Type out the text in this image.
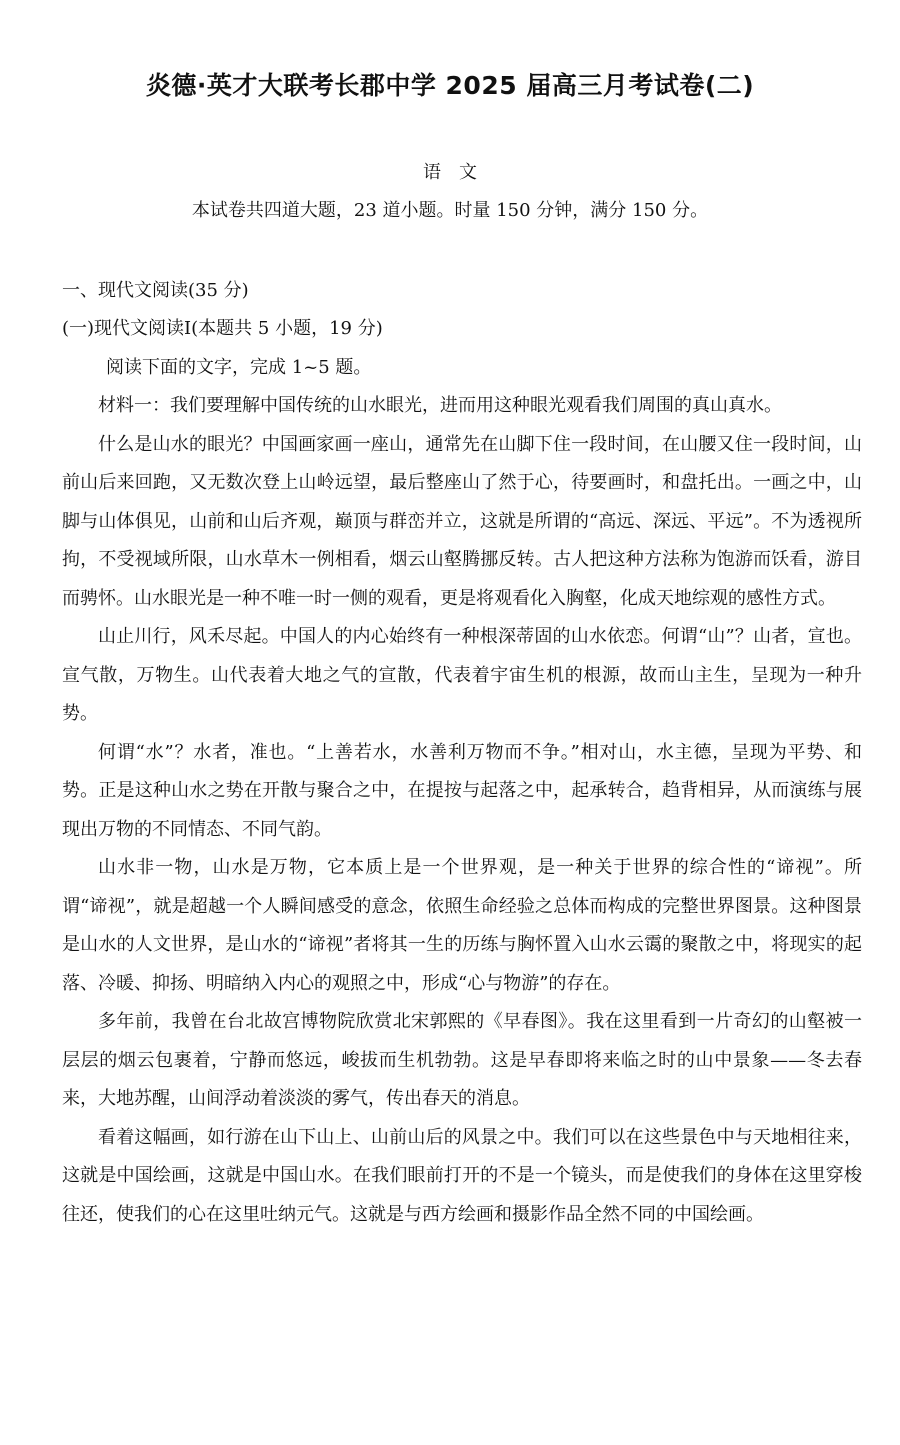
炎德·英才大联考长郡中学 2025 届高三月考试卷(二)
语文
本试卷共四道大题，23 道小题。时量 150 分钟，满分 150 分。
一、现代文阅读(35 分)
(一)现代文阅读Ⅰ(本题共 5 小题，19 分)
阅读下面的文字，完成 1~5 题。

材料一：我们要理解中国传统的山水眼光，进而用这种眼光观看我们周围的真山真水。

什么是山水的眼光？中国画家画一座山，通常先在山脚下住一段时间，在山腰又住一段时间，山前山后来回跑，又无数次登上山岭远望，最后整座山了然于心，待要画时，和盘托出。一画之中，山脚与山体俱见，山前和山后齐观，巅顶与群峦并立，这就是所谓的“高远、深远、平远”。不为透视所拘，不受视域所限，山水草木一例相看，烟云山壑腾挪反转。古人把这种方法称为饱游而饫看，游目而骋怀。山水眼光是一种不唯一时一侧的观看，更是将观看化入胸壑，化成天地综观的感性方式。

山止川行，风禾尽起。中国人的内心始终有一种根深蒂固的山水依恋。何谓“山”？山者，宣也。宣气散，万物生。山代表着大地之气的宣散，代表着宇宙生机的根源，故而山主生，呈现为一种升势。

何谓“水”？水者，准也。“上善若水，水善利万物而不争。”相对山，水主德，呈现为平势、和势。正是这种山水之势在开散与聚合之中，在提按与起落之中，起承转合，趋背相异，从而演练与展现出万物的不同情态、不同气韵。

山水非一物，山水是万物，它本质上是一个世界观，是一种关于世界的综合性的“谛视”。所谓“谛视”，就是超越一个人瞬间感受的意念，依照生命经验之总体而构成的完整世界图景。这种图景是山水的人文世界，是山水的“谛视”者将其一生的历练与胸怀置入山水云霭的聚散之中，将现实的起落、冷暖、抑扬、明暗纳入内心的观照之中，形成“心与物游”的存在。

多年前，我曾在台北故宫博物院欣赏北宋郭熙的《早春图》。我在这里看到一片奇幻的山壑被一层层的烟云包裹着，宁静而悠远，峻拔而生机勃勃。这是早春即将来临之时的山中景象——冬去春来，大地苏醒，山间浮动着淡淡的雾气，传出春天的消息。

看着这幅画，如行游在山下山上、山前山后的风景之中。我们可以在这些景色中与天地相往来，这就是中国绘画，这就是中国山水。在我们眼前打开的不是一个镜头，而是使我们的身体在这里穿梭往还，使我们的心在这里吐纳元气。这就是与西方绘画和摄影作品全然不同的中国绘画。
